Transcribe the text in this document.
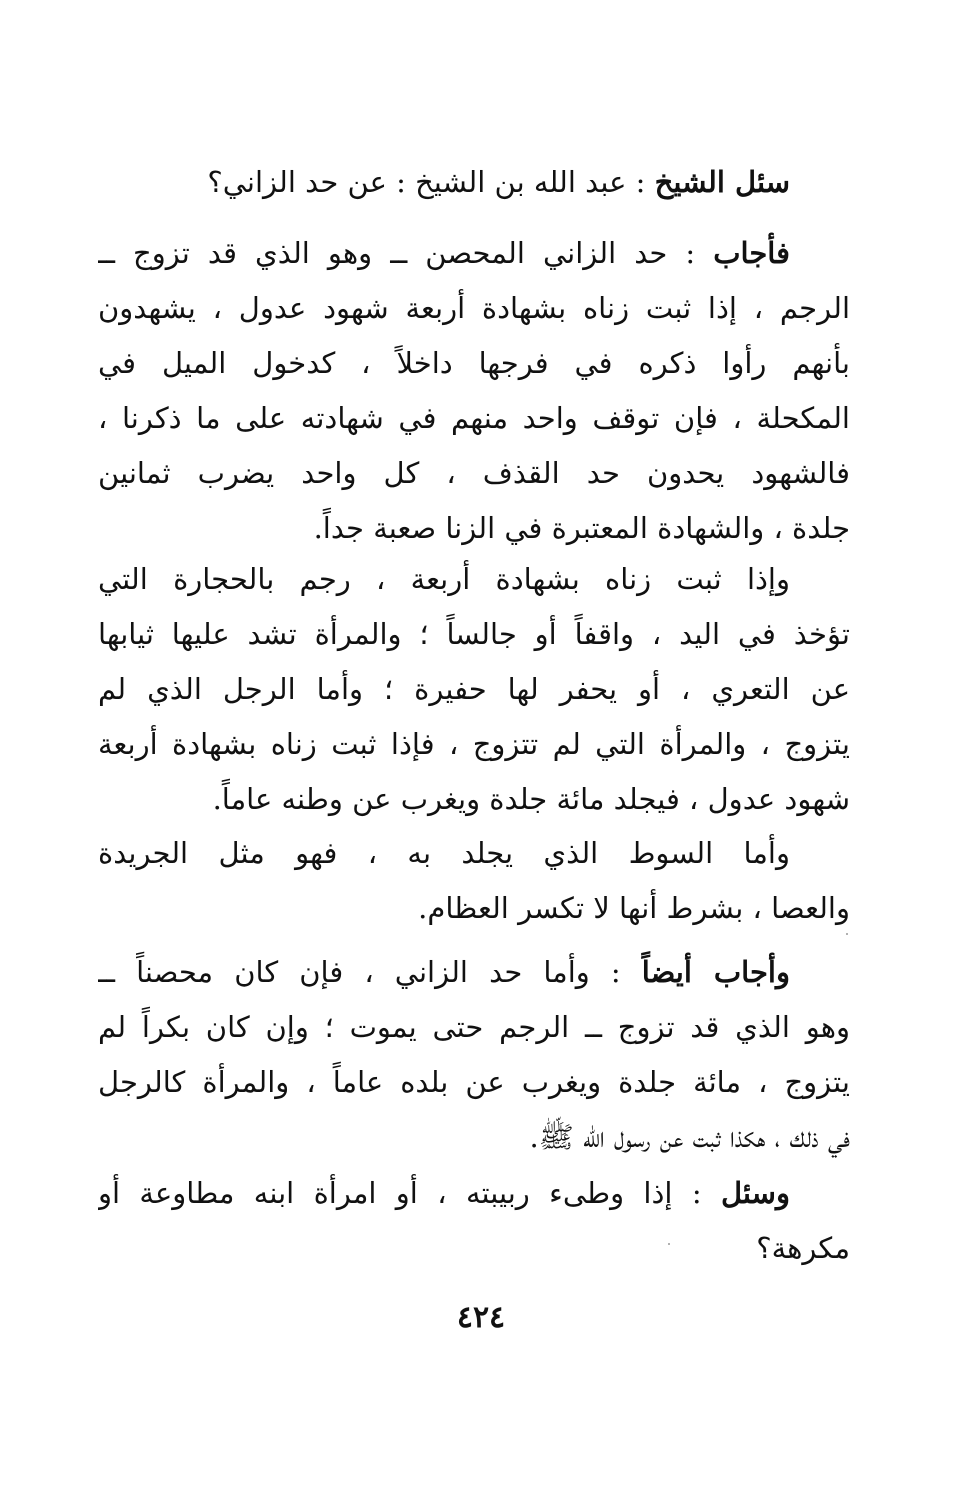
سئل الشيخ : عبد الله بن الشيخ : عن حد الزاني؟
فأجاب : حد الزاني المحصن ــ وهو الذي قد تزوج ــ
الرجم ، إذا ثبت زناه بشهادة أربعة شهود عدول ، يشهدون
بأنهم رأوا ذكره في فرجها داخلاً ، كدخول الميل في
المكحلة ، فإن توقف واحد منهم في شهادته على ما ذكرنا ،
فالشهود يحدون حد القذف ، كل واحد يضرب ثمانين
جلدة ، والشهادة المعتبرة في الزنا صعبة جداً.
وإذا ثبت زناه بشهادة أربعة ، رجم بالحجارة التي
تؤخذ في اليد ، واقفاً أو جالساً ؛ والمرأة تشد عليها ثيابها
عن التعري ، أو يحفر لها حفيرة ؛ وأما الرجل الذي لم
يتزوج ، والمرأة التي لم تتزوج ، فإذا ثبت زناه بشهادة أربعة
شهود عدول ، فيجلد مائة جلدة ويغرب عن وطنه عاماً.
وأما السوط الذي يجلد به ، فهو مثل الجريدة
والعصا ، بشرط أنها لا تكسر العظام.
وأجاب أيضاً : وأما حد الزاني ، فإن كان محصناً ــ
وهو الذي قد تزوج ــ الرجم حتى يموت ؛ وإن كان بكراً لم
يتزوج ، مائة جلدة ويغرب عن بلده عاماً ، والمرأة كالرجل
في ذلك ، هكذا ثبت عن رسول الله ﷺ.
وسئل : إذا وطىء ربيبته ، أو امرأة ابنه مطاوعة أو
مكرهة؟
٤٢٤
